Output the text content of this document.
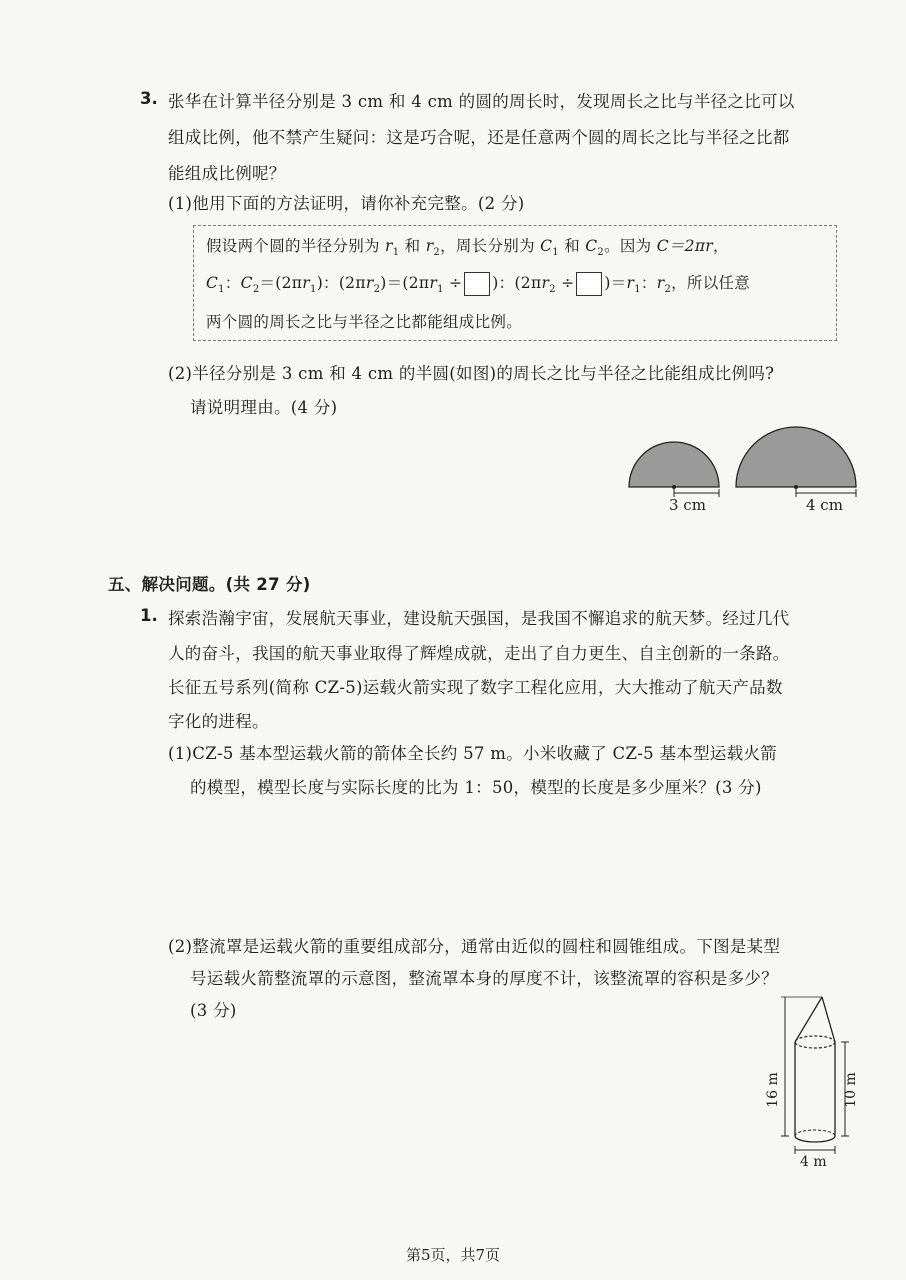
3. 张华在计算半径分别是 3 cm 和 4 cm 的圆的周长时，发现周长之比与半径之比可以
组成比例，他不禁产生疑问：这是巧合呢，还是任意两个圆的周长之比与半径之比都
能组成比例呢？
(1)他用下面的方法证明，请你补充完整。(2 分)
假设两个圆的半径分别为 $r_1$ 和 $r_2$，周长分别为 $C_1$ 和 $C_2$。因为 C＝2πr，
$C_1$：$C_2=(2\pi r_1)$：$(2\pi r_2)=(2\pi r_1$ ÷ )：$(2\pi r_2 \div )=r_1$：$r_2$，所以任意
两个圆的周长之比与半径之比都能组成比例。
(2)半径分别是 3 cm 和 4 cm 的半圆(如图)的周长之比与半径之比能组成比例吗?
请说明理由。(4 分)
3 cm	4 cm
五、解决问题。(共 27 分)
1. 探索浩瀚宇宙，发展航天事业，建设航天强国，是我国不懈追求的航天梦。经过几代
人的奋斗，我国的航天事业取得了辉煌成就，走出了自力更生、自主创新的一条路。
长征五号系列(简称 CZ-5)运载火箭实现了数字工程化应用，大大推动了航天产品数
字化的进程。
(1)CZ-5 基本型运载火箭的箭体全长约 57 m。小米收藏了 CZ-5 基本型运载火箭
的模型，模型长度与实际长度的比为 1：50，模型的长度是多少厘米？(3 分)
(2)整流罩是运载火箭的重要组成部分，通常由近似的圆柱和圆锥组成。下图是某型
号运载火箭整流罩的示意图，整流罩本身的厚度不计，该整流罩的容积是多少？
(3 分)
16 m	10 m
4 m
第5页，共7页
